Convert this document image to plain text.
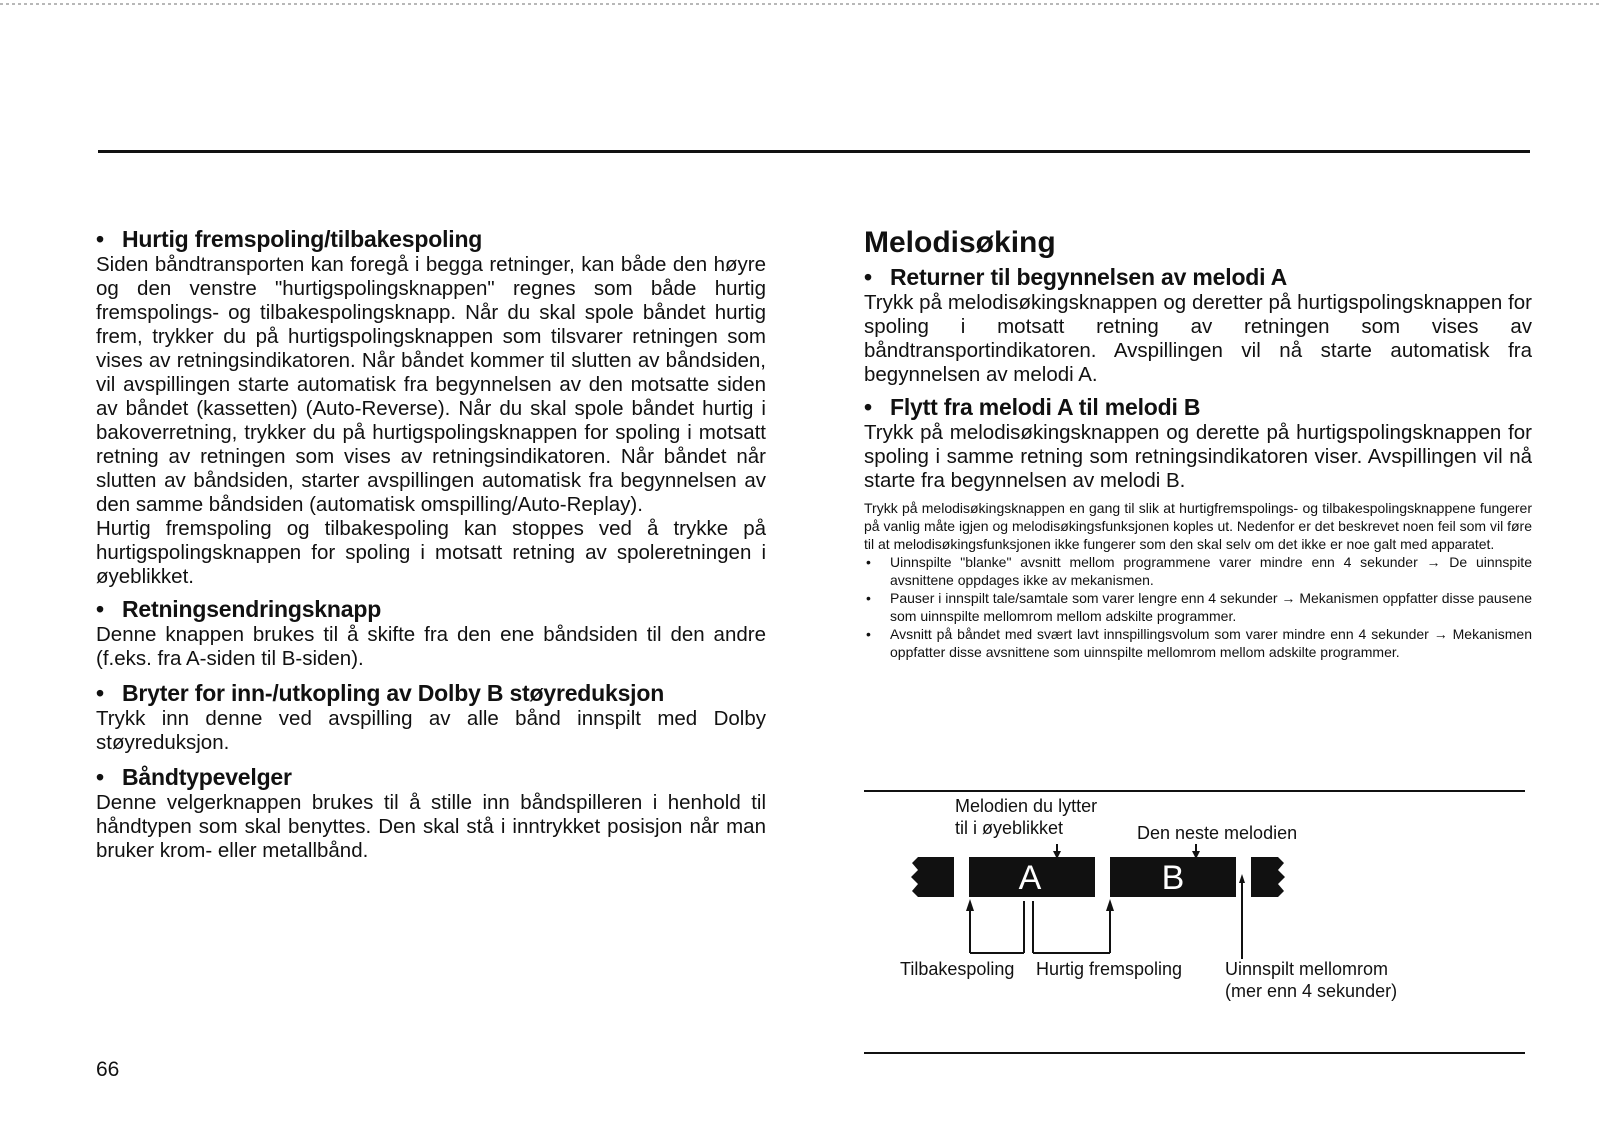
• Hurtig fremspoling/tilbakespoling

Siden båndtransporten kan foregå i begga retninger, kan både den høyre og den venstre "hurtigspolingsknappen" regnes som både hurtig fremspolings- og tilbakespolingsknapp. Når du skal spole båndet hurtig frem, trykker du på hurtigspolingsknappen som tilsvarer retningen som vises av retningsindikatoren. Når båndet kommer til slutten av båndsiden, vil avspillingen starte automatisk fra begynnelsen av den motsatte siden av båndet (kassetten) (Auto-Reverse). Når du skal spole båndet hurtig i bakoverretning, trykker du på hurtigspolingsknappen for spoling i motsatt retning av retningen som vises av retningsindikatoren. Når båndet når slutten av båndsiden, starter avspillingen automatisk fra begynnelsen av den samme båndsiden (automatisk omspilling/Auto-Replay).

Hurtig fremspoling og tilbakespoling kan stoppes ved å trykke på hurtigspolingsknappen for spoling i motsatt retning av spoleretningen i øyeblikket.

• Retningsendringsknapp

Denne knappen brukes til å skifte fra den ene båndsiden til den andre (f.eks. fra A-siden til B-siden).

• Bryter for inn-/utkopling av Dolby B støyreduksjon

Trykk inn denne ved avspilling av alle bånd innspilt med Dolby støyreduksjon.

• Båndtypevelger

Denne velgerknappen brukes til å stille inn båndspilleren i henhold til håndtypen som skal benyttes. Den skal stå i inntrykket posisjon når man bruker krom- eller metallbånd.

Melodisøking
• Returner til begynnelsen av melodi A

Trykk på melodisøkingsknappen og deretter på hurtigspolingsknappen for spoling i motsatt retning av retningen som vises av båndtransportindikatoren. Avspillingen vil nå starte automatisk fra begynnelsen av melodi A.

• Flytt fra melodi A til melodi B

Trykk på melodisøkingsknappen og derette på hurtigspolingsknappen for spoling i samme retning som retningsindikatoren viser. Avspillingen vil nå starte fra begynnelsen av melodi B.

Trykk på melodisøkingsknappen en gang til slik at hurtigfremspolings- og tilbakespolingsknappene fungerer på vanlig måte igjen og melodisøkingsfunksjonen koples ut. Nedenfor er det beskrevet noen feil som vil føre til at melodisøkingsfunksjonen ikke fungerer som den skal selv om det ikke er noe galt med apparatet.

• Uinnspilte "blanke" avsnitt mellom programmene varer mindre enn 4 sekunder → De uinnspite avsnittene oppdages ikke av mekanismen.
• Pauser i innspilt tale/samtale som varer lengre enn 4 sekunder → Mekanismen oppfatter disse pausene som uinnspilte mellomrom mellom adskilte programmer.
• Avsnitt på båndet med svært lavt innspillingsvolum som varer mindre enn 4 sekunder → Mekanismen oppfatter disse avsnittene som uinnspilte mellomrom mellom adskilte programmer.
Melodien du lytter
til i øyeblikket	Den neste melodien
A	B
Tilbakespoling Hurtig fremspoling Uinnspilt mellomrom
(mer enn 4 sekunder)
66
